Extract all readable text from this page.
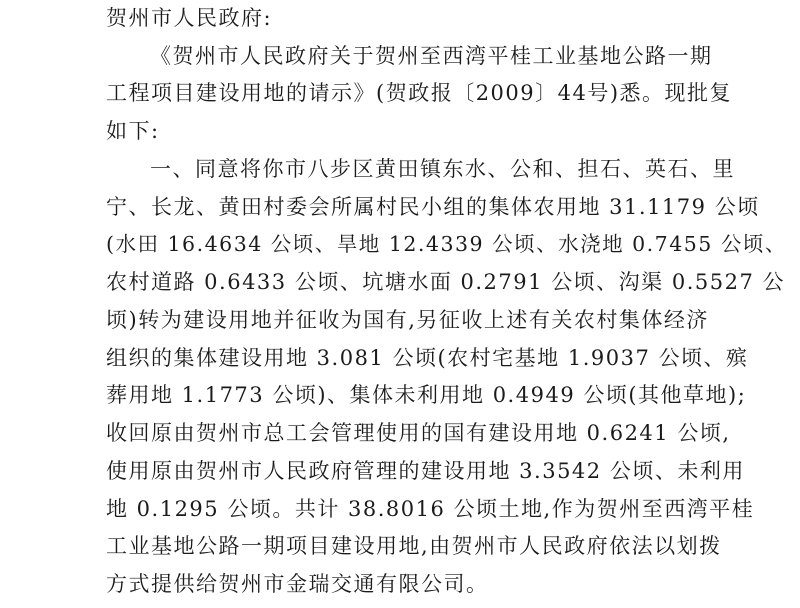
贺州市人民政府:
《贺州市人民政府关于贺州至西湾平桂工业基地公路一期
工程项目建设用地的请示》(贺政报〔2009〕44号)悉。现批复
如下:
一、同意将你市八步区黄田镇东水、公和、担石、英石、里
宁、长龙、黄田村委会所属村民小组的集体农用地 31.1179 公顷
(水田 16.4634 公顷、旱地 12.4339 公顷、水浇地 0.7455 公顷、
农村道路 0.6433 公顷、坑塘水面 0.2791 公顷、沟渠 0.5527 公
顷)转为建设用地并征收为国有,另征收上述有关农村集体经济
组织的集体建设用地 3.081 公顷(农村宅基地 1.9037 公顷、殡
葬用地 1.1773 公顷)、集体未利用地 0.4949 公顷(其他草地);
收回原由贺州市总工会管理使用的国有建设用地 0.6241 公顷,
使用原由贺州市人民政府管理的建设用地 3.3542 公顷、未利用
地 0.1295 公顷。共计 38.8016 公顷土地,作为贺州至西湾平桂
工业基地公路一期项目建设用地,由贺州市人民政府依法以划拨
方式提供给贺州市金瑞交通有限公司。
